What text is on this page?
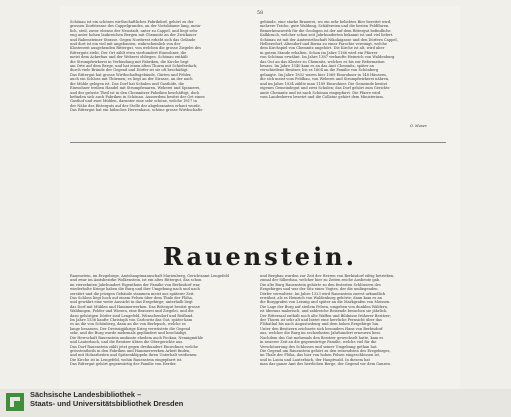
58
Schönau ist ein schönes wirthschaftliches Fabrikdorf, gehört zu der
grossen Dorfstrasse des Cappelgrundes, an der Vortsbäume lang, mein-
lich, steil, zuvor ebenso der Neustadt, unter zu Cappel, und liegt sehr
eng unter hohen laubreichen Bergen mit Chemnitz an der Zwickauer
und Rabensteiner Strasse. Gegen Nordwest erhebt sich das Gelände
und dort ist ein viel mit angebauten, wahrscheinlich von der
Klosterzeit ausgehenden Rittergut, von welchen die grosse Ziegelei des
Ritterguts steht. Der Ort zählt etwa vierhundert Einwohner, die
meist dem Ackerbau und der Weberei obliegen. Schönau enthält
die Strumpfwirkerei in Verbindung mit Fabriken, die Kirche liegt
am Orte auf dem Berge, und hat einen alten Thurm mit Schieferdach;
durch viele Brände der Gegend und Dörfer ist sie oft beschädigt.
Das Rittergut hat grosse Wirthschaftsgebäude, Gärten und Felder,
auch ein Schloss mit Thürmen; es liegt an der Strasse, an der auch
die Mühle gelegen ist. Das Dorf hat Schulen und Gasthöfe, die
Einwohner treiben Handel mit Strumpfwaaren, Weberei und Spinnerei,
und der grösste Theil ist in den Chemnitzer Fabriken beschäftigt, doch
befinden sich auch Fabriken in Schönau. Ausserdem besitzt der Ort einen
Gasthof und zwei Mühlen, darunter eine sehr schöne, welche 1817 in
der Nähe des Ritterguts auf der Stelle der abgebrannten erbaut wurde.
Das Rittergut hat ein hübsches Herrenhaus, schöne grosse Wirthschafts-
gebäude, eine starke Brauerei, wo ein sehr beliebtes Bier bereitet wird,
mehrere Teiche, gute Waldung, Schäfereien und die besten Feldfluren.
Bemerkenswerth für die Geologen ist der auf dem Rittergut befindliche
Kalkbruch, welcher schon seit Jahrhunderten bekannt ist und viel liefert.
Schönau ist mit der Amtswirthschaft Nikolaigasse und den Dörfern Cappel,
Helbersdorf, Altendorf und Borna zu einer Parochie vereinigt, welche
dem Kirchspiel von Chemnitz angehört. Die Kirche ist alt, wird aber
in gutem Stande erhalten. Schon im Jahre 1166 wird ein Pfarrer
von Schönau erwähnt. Im Jahre 1387 verkaufte Heinrich von Waldenburg
das Gut an das Kloster zu Chemnitz, welches es bis zur Reformation
besass. Im Jahre 1540 kam es an das Amt Chemnitz, später an
verschiedene Besitzer, bis es 1604 an die Familie von Schönberg
gelangte. Im Jahre 1832 waren hier 1069 Einwohner in 148 Häusern,
die sich meist vom Feldbau, von Weberei und Strumpfwirkerei nähren,
und im Jahre 1834 zählte man 1189 Einwohner. Die Gemeinde besitzt
eigenes Gemeindegut und zwei Schulen; das Dorf gehört zum Gerichts-
amte Chemnitz und ist nach Schönau eingepfarrt. Die Pfarre wird
vom Landesherrn besetzt und die Collatur gehört dem Ministerium.
O. Moser.
Rauenstein.
Rauenstein, im Erzgebirge, Amtshauptmannschaft Marienberg, Gerichtsamt Lengefeld
und zwar im Amtsbezirke Wolkenstein, ist ein altes Rittergut, das schon
im vierzehnten Jahrhundert Eigenthum der Familie von Berbisdorf war,
wiederholte Kriege haben die Burg und ihre Umgebung nach und nach
zerstört und die jetzigen Gebäude stammen meist aus späterer Zeit.
Das Schloss liegt hoch auf einem Felsen über dem Thale der Flöha,
und gewährt eine weite Aussicht in das Erzgebirge; unterhalb liegt
das Dorf mit Mühlen und Hammerwerken. Das Rittergut besitzt grosse
Waldungen, Felder und Wiesen, eine Brauerei und Ziegelei, und die
dazu gehörigen Dörfer sind Lengefeld, Wünschendorf und Reifland.
Im Jahre 1536 kaufte Christoph von Carlowitz das Gut, später kam
es an die von Schönberg, dann an die von Berlepsch, welche es
lange besassen. Der Dreissigjährige Krieg verwüstete die Gegend
sehr, und die Burg wurde mehrmals geplündert und beschädigt.
Die Herrschaft Rauenstein umfasste ehedem auch Pockau, Nennigmühle
und Lauterbach, und die Besitzer übten die Obergerichte aus.
Das Dorf Rauenstein zählt jetzt gegen dreihundert Einwohner, welche
grösstentheils in den Fabriken und Hammerwerken Arbeit finden,
und mit Holzarbeiten und Spitzenklöppeln ihren Unterhalt verdienen.
Die Kirche ist in Lengefeld, wohin Rauenstein eingepfarrt ist.
Das Rittergut gehört gegenwärtig der Familie von Herder.
und Bergbau wurden zur Zeit der Herren von Berbisdorf eifrig betrieben,
zumal der Silberbau, welcher hier zu Zeiten reiche Ausbeute gab.
Die alte Burg Rauenstein gehörte zu den festesten Schlössern des
Erzgebirges und war der Sitz eines Vogtes, der die umliegenden
Dörfer verwaltete. Im Jahre 1323 wird Rauenstein zuerst urkundlich
erwähnt, als es Heinrich von Waldenburg gehörte; dann kam es an
die Burggrafen von Leisnig und später an die Markgrafen von Meissen.
Die Lage der Burg auf steilem Felsen, umgeben von dunklen Wäldern,
ist überaus malerisch, und zahlreiche Reisende besuchen sie jährlich.
Der Rittersaal enthält noch alte Waffen und Bildnisse früherer Besitzer;
der Thurm ist sehr alt und bietet eine herrliche Fernsicht über das
Flöhathal bis nach Augustusburg und dem hohen Erzgebirge hin.
Unter den Besitzern zeichnete sich besonders Hans von Berbisdorf
aus, welcher die Burg im sechzehnten Jahrhundert erneuern liess.
Nachdem das Gut mehrmals den Besitzer gewechselt hatte, kam es
in neuerer Zeit an die gegenwärtige Familie, welche viel für die
Verschönerung des Schlosses und seiner Umgebung gethan hat.
Die Gegend um Rauenstein gehört zu den reizendsten des Erzgebirges,
im Thale der Flöha, das hier von hohen Felsen eingeschlossen ist,
und in Lauta und Lauterbach, der Hauptwald. In diesem hat
man das ganze Amt des herrlichen Berge, der Gegend vor dem Ganzen.
Sächsische Landesbibliothek –
Staats- und Universitätsbibliothek Dresden
